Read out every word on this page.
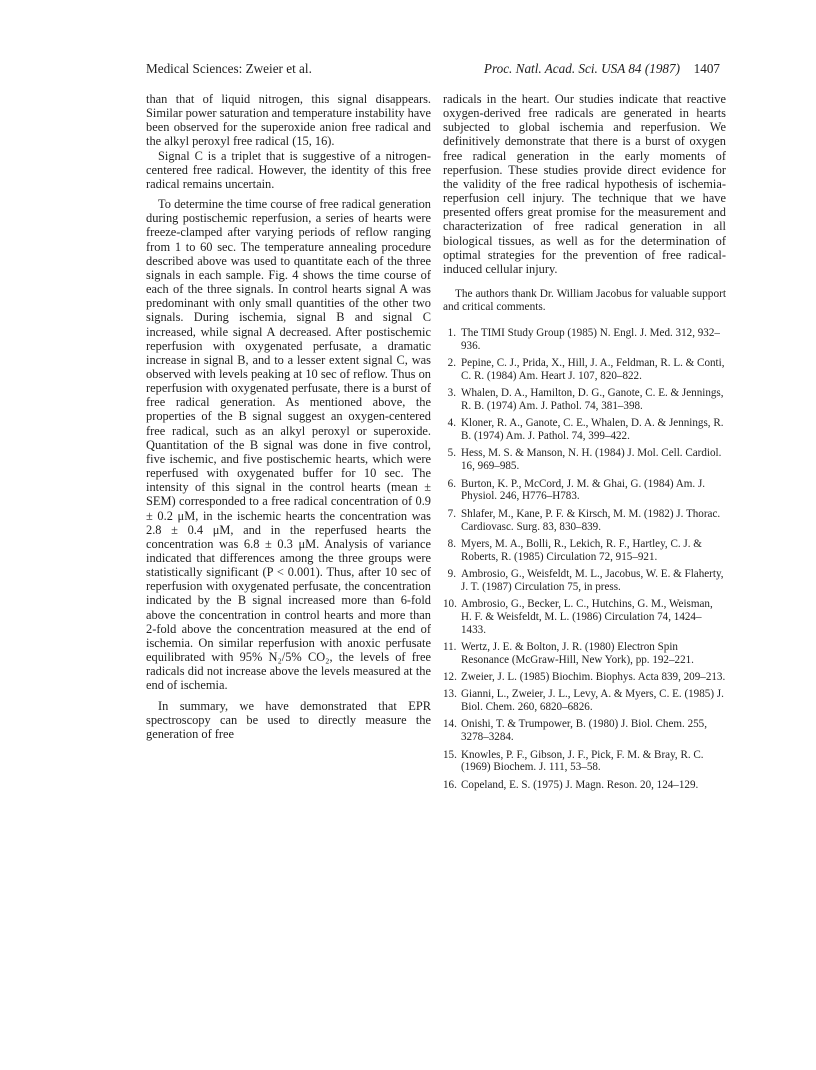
Medical Sciences: Zweier et al.	Proc. Natl. Acad. Sci. USA 84 (1987) 1407

than that of liquid nitrogen, this signal disappears. Similar power saturation and temperature instability have been observed for the superoxide anion free radical and the alkyl peroxyl free radical (15, 16).

Signal C is a triplet that is suggestive of a nitrogen-centered free radical. However, the identity of this free radical remains uncertain.

To determine the time course of free radical generation during postischemic reperfusion, a series of hearts were freeze-clamped after varying periods of reflow ranging from 1 to 60 sec. The temperature annealing procedure described above was used to quantitate each of the three signals in each sample. Fig. 4 shows the time course of each of the three signals. In control hearts signal A was predominant with only small quantities of the other two signals. During ischemia, signal B and signal C increased, while signal A decreased. After postischemic reperfusion with oxygenated perfusate, a dramatic increase in signal B, and to a lesser extent signal C, was observed with levels peaking at 10 sec of reflow. Thus on reperfusion with oxygenated perfusate, there is a burst of free radical generation. As mentioned above, the properties of the B signal suggest an oxygen-centered free radical, such as an alkyl peroxyl or superoxide. Quantitation of the B signal was done in five control, five ischemic, and five postischemic hearts, which were reperfused with oxygenated buffer for 10 sec. The intensity of this signal in the control hearts (mean ± SEM) corresponded to a free radical concentration of 0.9 ± 0.2 μM, in the ischemic hearts the concentration was 2.8 ± 0.4 μM, and in the reperfused hearts the concentration was 6.8 ± 0.3 μM. Analysis of variance indicated that differences among the three groups were statistically significant (P < 0.001). Thus, after 10 sec of reperfusion with oxygenated perfusate, the concentration indicated by the B signal increased more than 6-fold above the concentration in control hearts and more than 2-fold above the concentration measured at the end of ischemia. On similar reperfusion with anoxic perfusate equilibrated with 95% N₂/5% CO₂, the levels of free radicals did not increase above the levels measured at the end of ischemia.

In summary, we have demonstrated that EPR spectroscopy can be used to directly measure the generation of free

radicals in the heart. Our studies indicate that reactive oxygen-derived free radicals are generated in hearts subjected to global ischemia and reperfusion. We definitively demonstrate that there is a burst of oxygen free radical generation in the early moments of reperfusion. These studies provide direct evidence for the validity of the free radical hypothesis of ischemia-reperfusion cell injury. The technique that we have presented offers great promise for the measurement and characterization of free radical generation in all biological tissues, as well as for the determination of optimal strategies for the prevention of free radical-induced cellular injury.

The authors thank Dr. William Jacobus for valuable support and critical comments.

1. The TIMI Study Group (1985) N. Engl. J. Med. 312, 932–936.
2. Pepine, C. J., Prida, X., Hill, J. A., Feldman, R. L. & Conti, C. R. (1984) Am. Heart J. 107, 820–822.
3. Whalen, D. A., Hamilton, D. G., Ganote, C. E. & Jennings, R. B. (1974) Am. J. Pathol. 74, 381–398.
4. Kloner, R. A., Ganote, C. E., Whalen, D. A. & Jennings, R. B. (1974) Am. J. Pathol. 74, 399–422.
5. Hess, M. S. & Manson, N. H. (1984) J. Mol. Cell. Cardiol. 16, 969–985.
6. Burton, K. P., McCord, J. M. & Ghai, G. (1984) Am. J. Physiol. 246, H776–H783.
7. Shlafer, M., Kane, P. F. & Kirsch, M. M. (1982) J. Thorac. Cardiovasc. Surg. 83, 830–839.
8. Myers, M. A., Bolli, R., Lekich, R. F., Hartley, C. J. & Roberts, R. (1985) Circulation 72, 915–921.
9. Ambrosio, G., Weisfeldt, M. L., Jacobus, W. E. & Flaherty, J. T. (1987) Circulation 75, in press.
10. Ambrosio, G., Becker, L. C., Hutchins, G. M., Weisman, H. F. & Weisfeldt, M. L. (1986) Circulation 74, 1424–1433.
11. Wertz, J. E. & Bolton, J. R. (1980) Electron Spin Resonance (McGraw-Hill, New York), pp. 192–221.
12. Zweier, J. L. (1985) Biochim. Biophys. Acta 839, 209–213.
13. Gianni, L., Zweier, J. L., Levy, A. & Myers, C. E. (1985) J. Biol. Chem. 260, 6820–6826.
14. Onishi, T. & Trumpower, B. (1980) J. Biol. Chem. 255, 3278–3284.
15. Knowles, P. F., Gibson, J. F., Pick, F. M. & Bray, R. C. (1969) Biochem. J. 111, 53–58.
16. Copeland, E. S. (1975) J. Magn. Reson. 20, 124–129.
